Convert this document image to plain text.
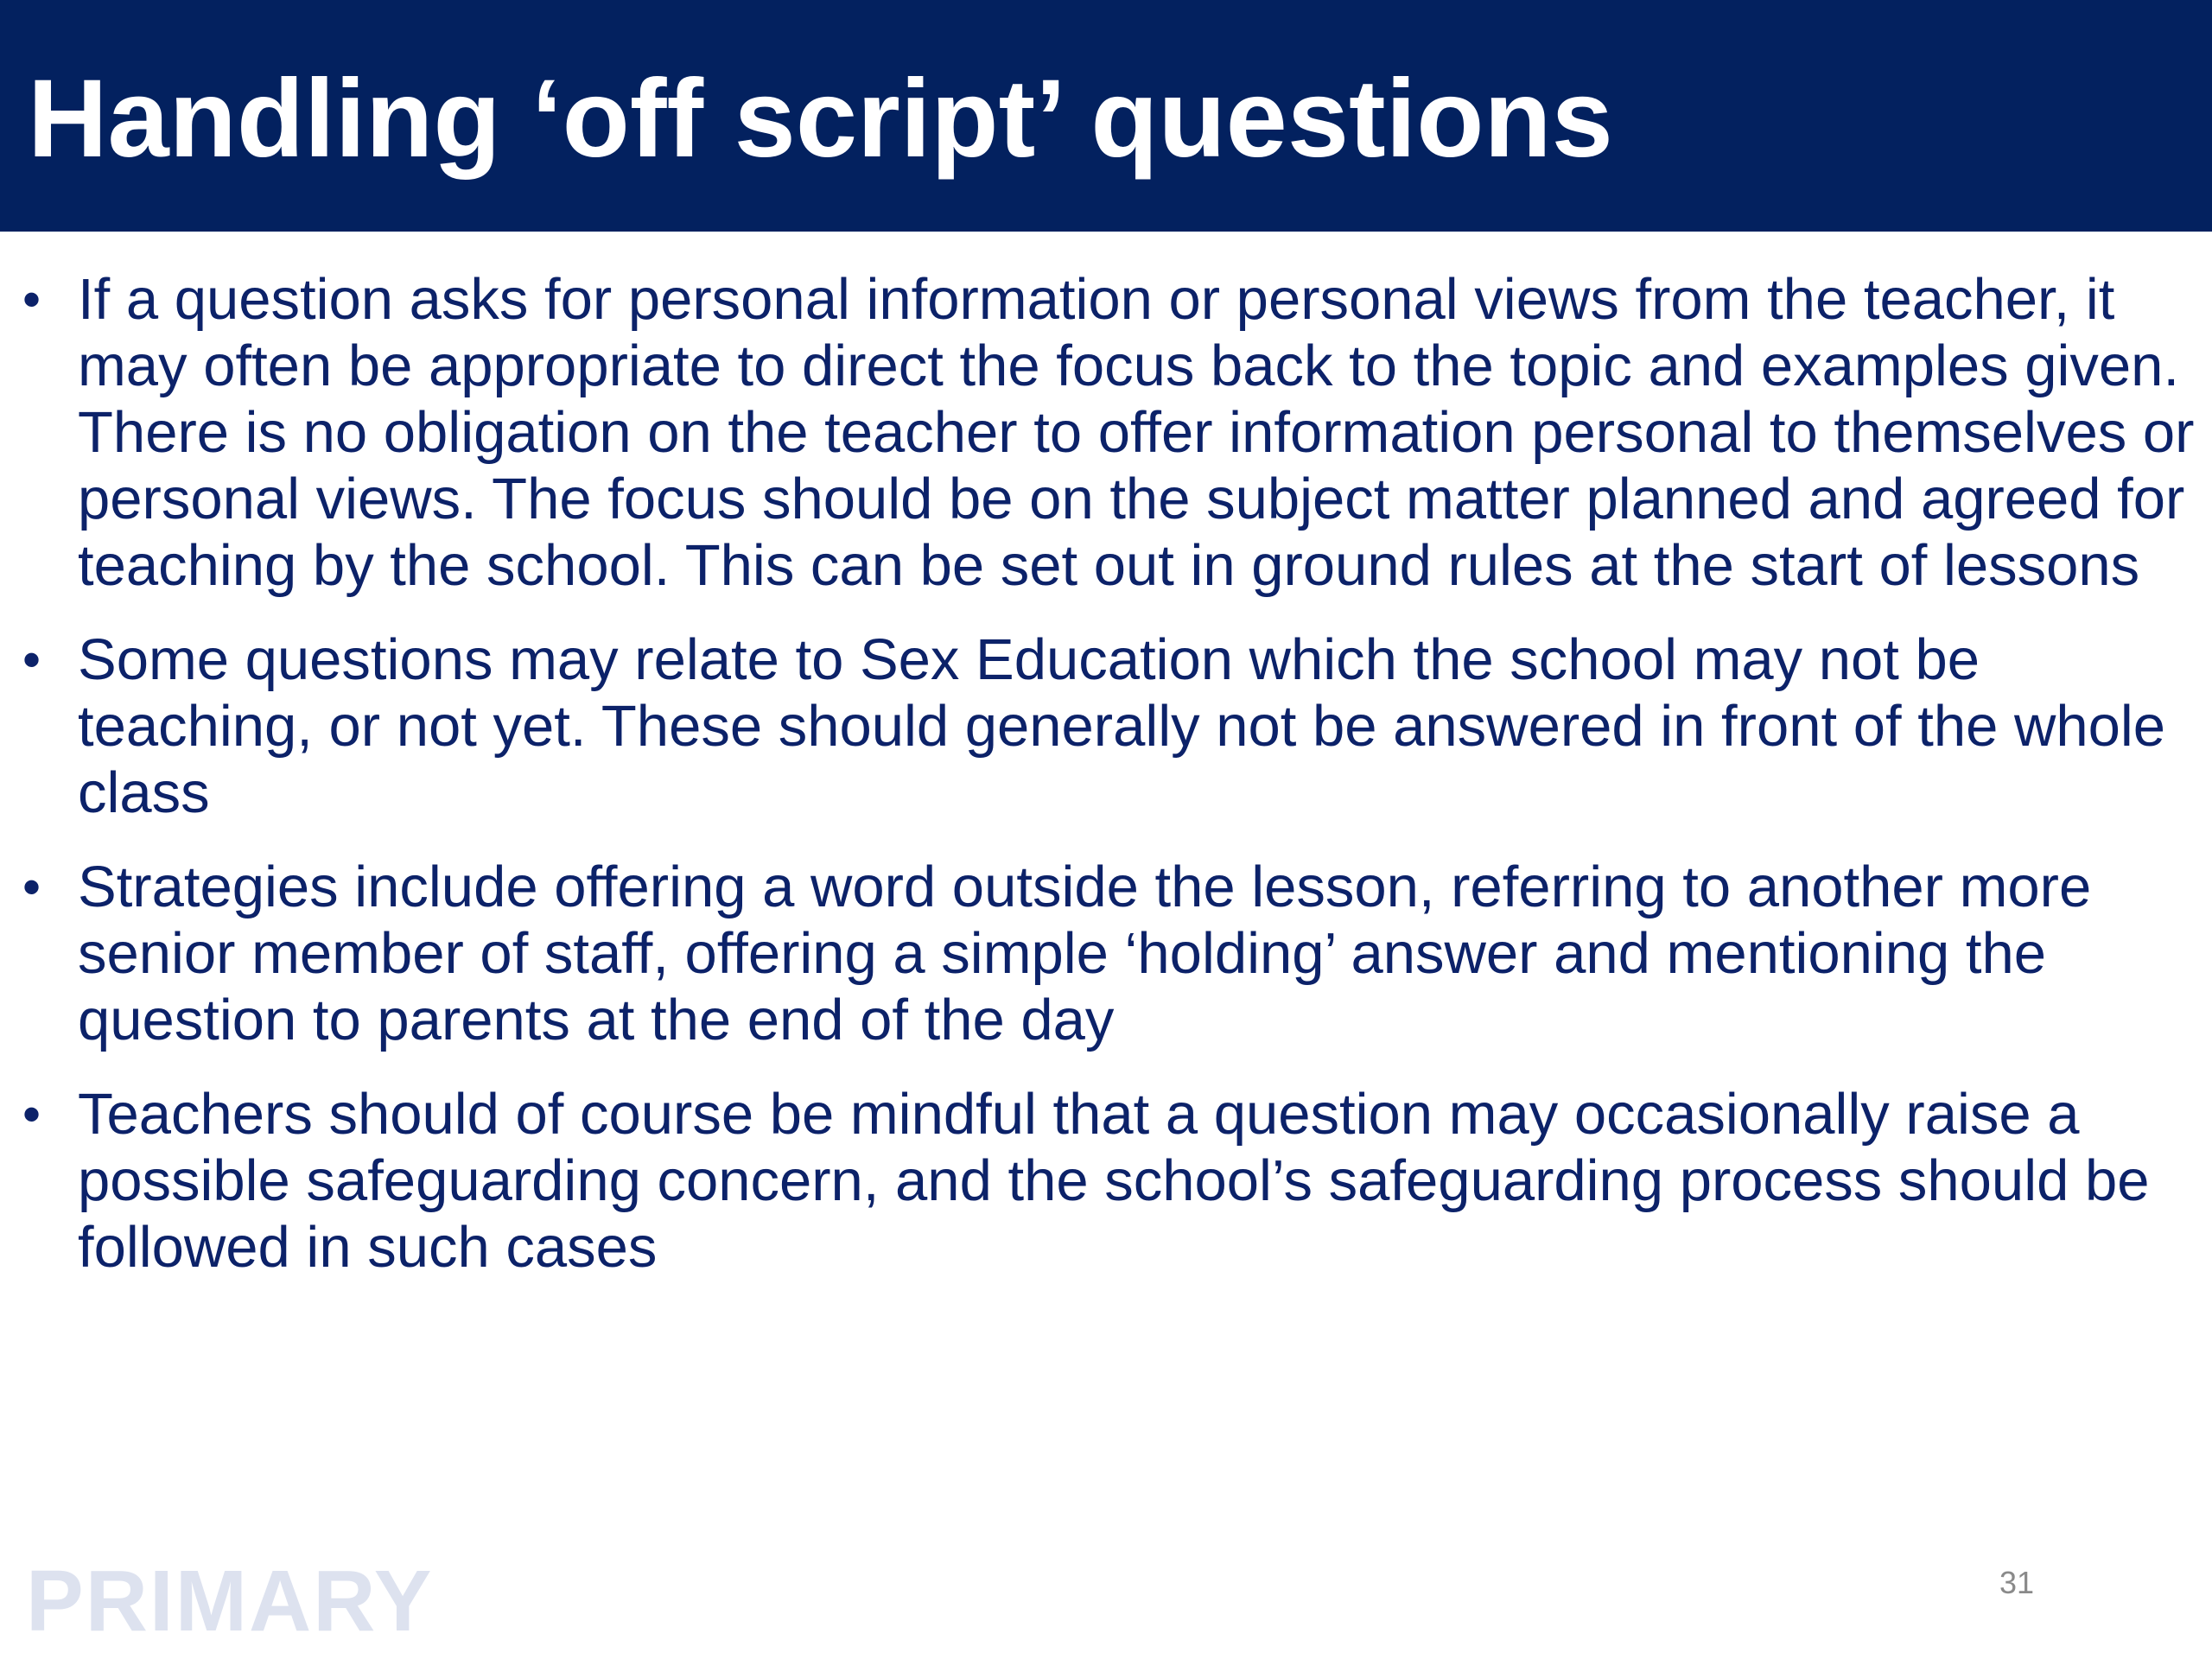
Handling ‘off script’ questions
• If a question asks for personal information or personal views from the teacher, it may often be appropriate to direct the focus back to the topic and examples given. There is no obligation on the teacher to offer information personal to themselves or personal views. The focus should be on the subject matter planned and agreed for teaching by the school. This can be set out in ground rules at the start of lessons
• Some questions may relate to Sex Education which the school may not be teaching, or not yet. These should generally not be answered in front of the whole class
• Strategies include offering a word outside the lesson, referring to another more senior member of staff, offering a simple ‘holding’ answer and mentioning the question to parents at the end of the day
• Teachers should of course be mindful that a question may occasionally raise a possible safeguarding concern, and the school’s safeguarding process should be followed in such cases
PRIMARY	31
